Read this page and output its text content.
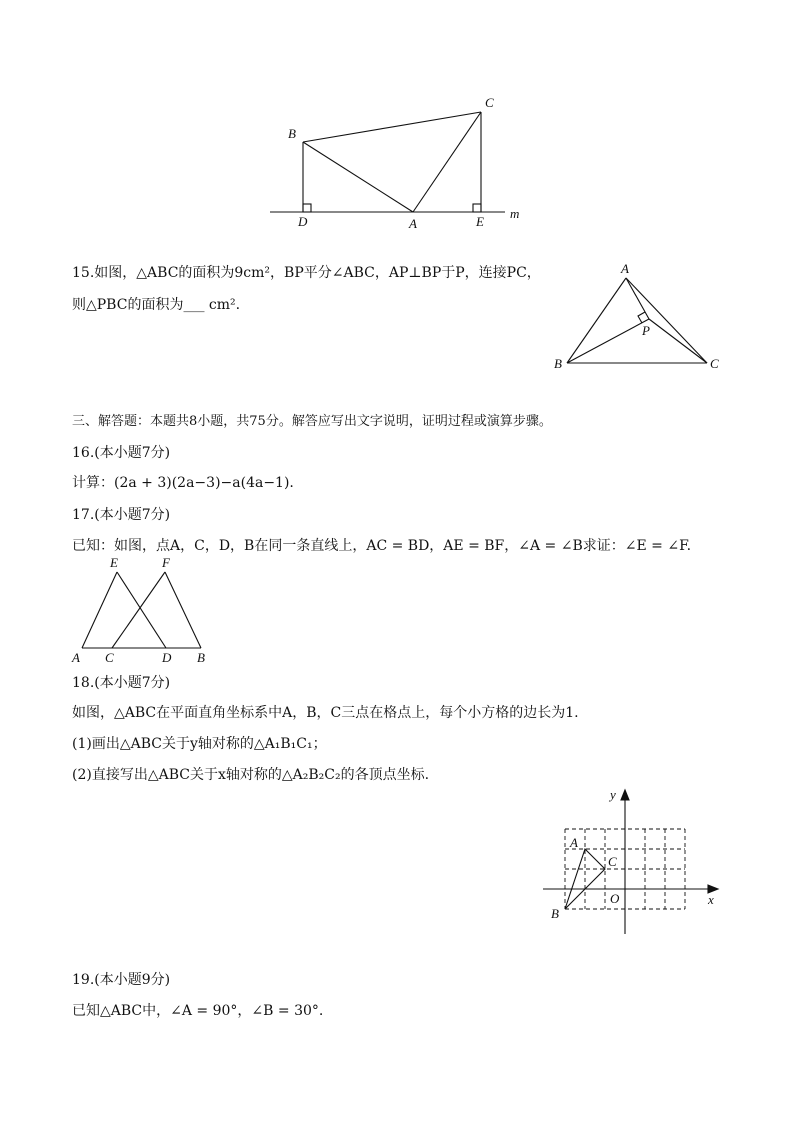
B
C
D	A	E
m
15.如图，△ABC的面积为9cm²，BP平分∠ABC，AP⊥BP于P，连接PC，
则△PBC的面积为___ cm².
A
P
B	C
三、解答题：本题共8小题，共75分。解答应写出文字说明，证明过程或演算步骤。
16.(本小题7分)
计算：(2a + 3)(2a−3)−a(4a−1).
17.(本小题7分)
已知：如图，点A，C，D，B在同一条直线上，AC = BD，AE = BF，∠A = ∠B求证：∠E = ∠F.
E	F
A C	D B
18.(本小题7分)
如图，△ABC在平面直角坐标系中A，B，C三点在格点上，每个小方格的边长为1.
(1)画出△ABC关于y轴对称的△A₁B₁C₁；
(2)直接写出△ABC关于x轴对称的△A₂B₂C₂的各顶点坐标.
y
x
O
A
B
C
19.(本小题9分)
已知△ABC中，∠A = 90°，∠B = 30°.
